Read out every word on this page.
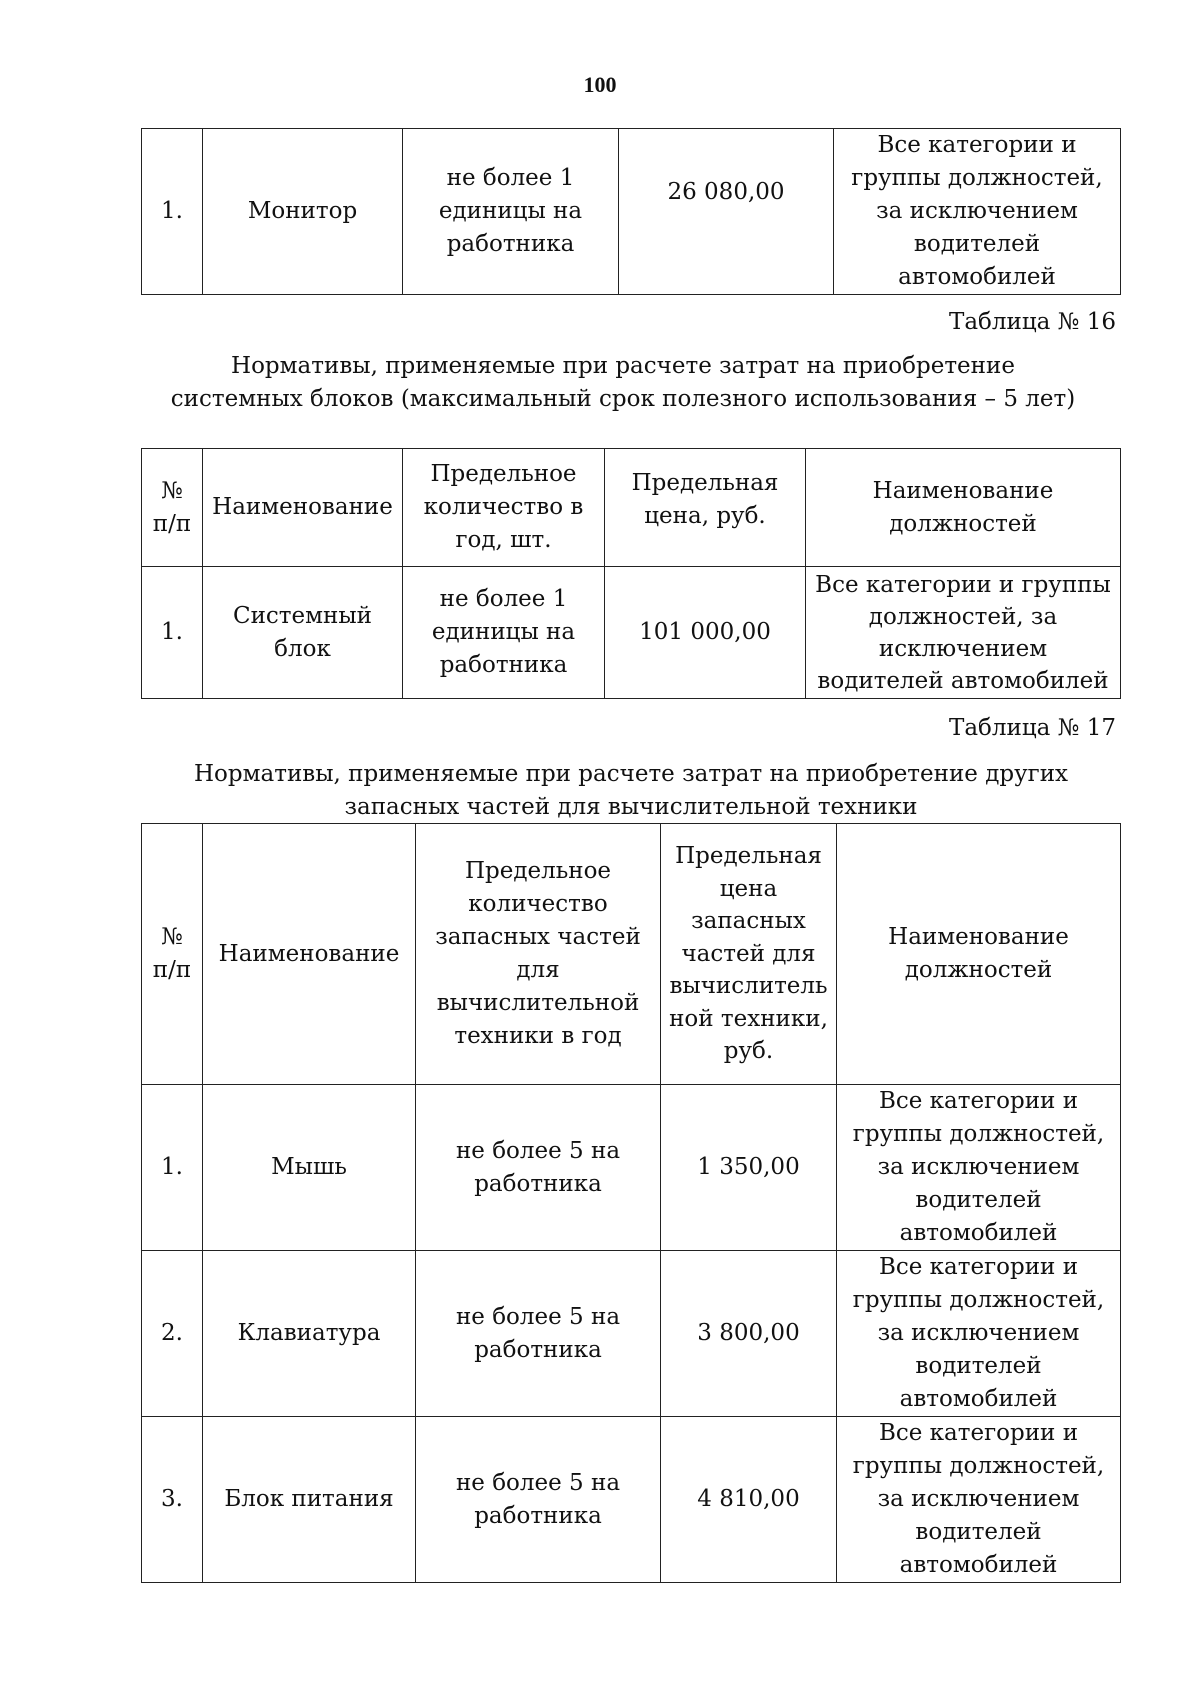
100
1.	Монитор	не более 1 единицы на работника	26 080,00	Все категории и группы должностей, за исключением водителей автомобилей
Таблица № 16
Нормативы, применяемые при расчете затрат на приобретение системных блоков (максимальный срок полезного использования – 5 лет)
№ п/п	Наименование	Предельное количество в год, шт.	Предельная цена, руб.	Наименование должностей
1.	Системный блок	не более 1 единицы на работника	101 000,00	Все категории и группы должностей, за исключением водителей автомобилей
Таблица № 17
Нормативы, применяемые при расчете затрат на приобретение других запасных частей для вычислительной техники
№ п/п	Наименование	Предельное количество запасных частей для вычислительной техники в год	Предельная цена запасных частей для вычислительной техники, руб.	Наименование должностей
1.	Мышь	не более 5 на работника	1 350,00	Все категории и группы должностей, за исключением водителей автомобилей
2.	Клавиатура	не более 5 на работника	3 800,00	Все категории и группы должностей, за исключением водителей автомобилей
3.	Блок питания	не более 5 на работника	4 810,00	Все категории и группы должностей, за исключением водителей автомобилей
